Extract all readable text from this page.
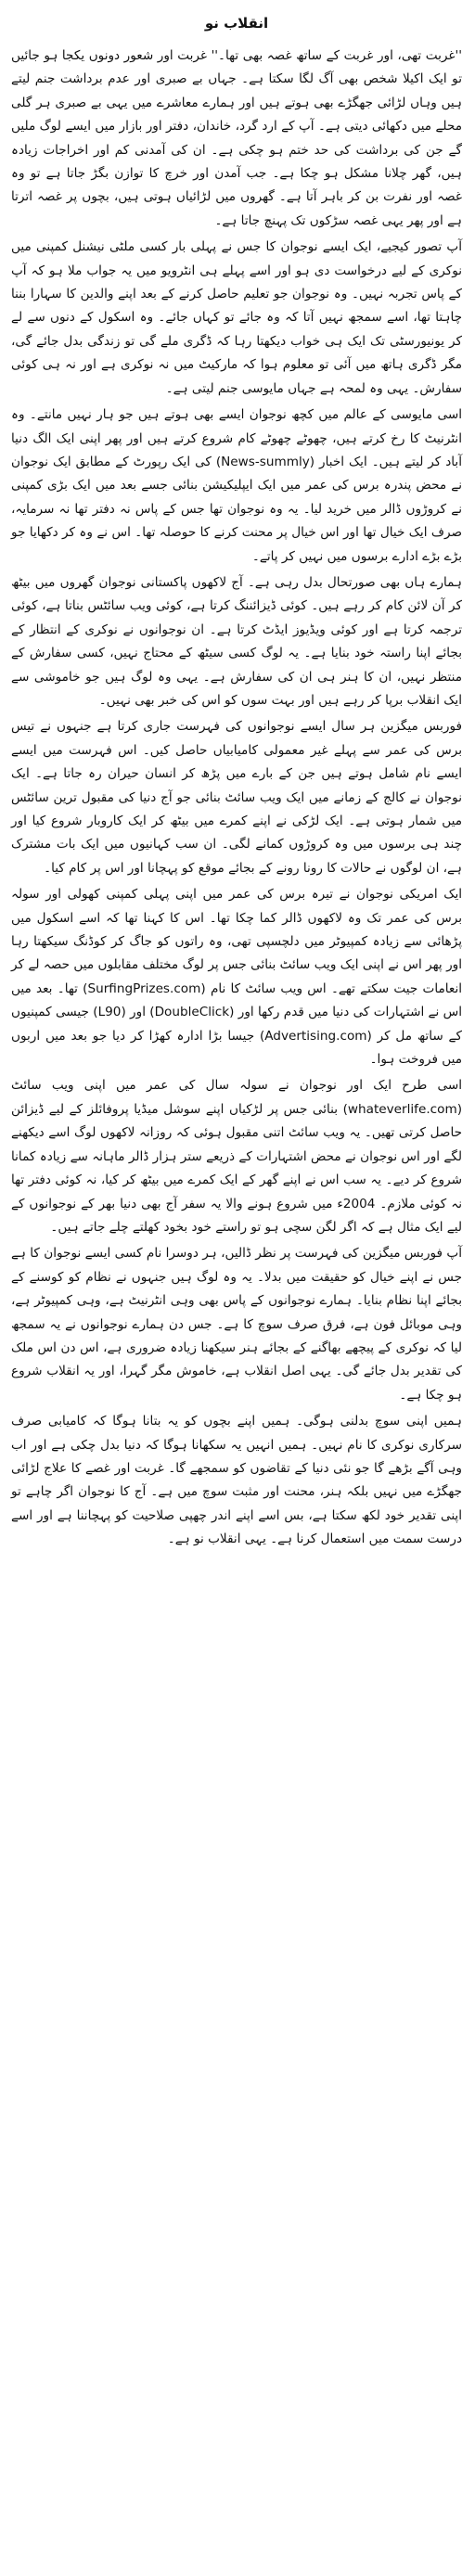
انقلاب نو

''غربت تھی، اور غربت کے ساتھ غصہ بھی تھا۔'' غربت اور شعور دونوں یکجا ہو جائیں تو ایک اکیلا شخص بھی آگ لگا سکتا ہے۔ جہاں بے صبری اور عدم برداشت جنم لیتے ہیں وہاں لڑائی جھگڑے بھی ہوتے ہیں اور ہمارے معاشرے میں یہی بے صبری ہر گلی محلے میں دکھائی دیتی ہے۔ آپ کے ارد گرد، خاندان، دفتر اور بازار میں ایسے لوگ ملیں گے جن کی برداشت کی حد ختم ہو چکی ہے۔ ان کی آمدنی کم اور اخراجات زیادہ ہیں، گھر چلانا مشکل ہو چکا ہے۔ جب آمدن اور خرچ کا توازن بگڑ جاتا ہے تو وہ غصہ اور نفرت بن کر باہر آتا ہے۔ گھروں میں لڑائیاں ہوتی ہیں، بچوں پر غصہ اترتا ہے اور پھر یہی غصہ سڑکوں تک پہنچ جاتا ہے۔

آپ تصور کیجیے، ایک ایسے نوجوان کا جس نے پہلی بار کسی ملٹی نیشنل کمپنی میں نوکری کے لیے درخواست دی ہو اور اسے پہلے ہی انٹرویو میں یہ جواب ملا ہو کہ آپ کے پاس تجربہ نہیں۔ وہ نوجوان جو تعلیم حاصل کرنے کے بعد اپنے والدین کا سہارا بننا چاہتا تھا، اسے سمجھ نہیں آتا کہ وہ جائے تو کہاں جائے۔ وہ اسکول کے دنوں سے لے کر یونیورسٹی تک ایک ہی خواب دیکھتا رہا کہ ڈگری ملے گی تو زندگی بدل جائے گی، مگر ڈگری ہاتھ میں آئی تو معلوم ہوا کہ مارکیٹ میں نہ نوکری ہے اور نہ ہی کوئی سفارش۔ یہی وہ لمحہ ہے جہاں مایوسی جنم لیتی ہے۔

اسی مایوسی کے عالم میں کچھ نوجوان ایسے بھی ہوتے ہیں جو ہار نہیں مانتے۔ وہ انٹرنیٹ کا رخ کرتے ہیں، چھوٹے چھوٹے کام شروع کرتے ہیں اور پھر اپنی ایک الگ دنیا آباد کر لیتے ہیں۔ ایک اخبار (News-summly) کی ایک رپورٹ کے مطابق ایک نوجوان نے محض پندرہ برس کی عمر میں ایک ایپلیکیشن بنائی جسے بعد میں ایک بڑی کمپنی نے کروڑوں ڈالر میں خرید لیا۔ یہ وہ نوجوان تھا جس کے پاس نہ دفتر تھا نہ سرمایہ، صرف ایک خیال تھا اور اس خیال پر محنت کرنے کا حوصلہ تھا۔ اس نے وہ کر دکھایا جو بڑے بڑے ادارے برسوں میں نہیں کر پاتے۔

ہمارے ہاں بھی صورتحال بدل رہی ہے۔ آج لاکھوں پاکستانی نوجوان گھروں میں بیٹھ کر آن لائن کام کر رہے ہیں۔ کوئی ڈیزائننگ کرتا ہے، کوئی ویب سائٹس بناتا ہے، کوئی ترجمہ کرتا ہے اور کوئی ویڈیوز ایڈٹ کرتا ہے۔ ان نوجوانوں نے نوکری کے انتظار کے بجائے اپنا راستہ خود بنایا ہے۔ یہ لوگ کسی سیٹھ کے محتاج نہیں، کسی سفارش کے منتظر نہیں، ان کا ہنر ہی ان کی سفارش ہے۔ یہی وہ لوگ ہیں جو خاموشی سے ایک انقلاب برپا کر رہے ہیں اور بہت سوں کو اس کی خبر بھی نہیں۔

فوربس میگزین ہر سال ایسے نوجوانوں کی فہرست جاری کرتا ہے جنہوں نے تیس برس کی عمر سے پہلے غیر معمولی کامیابیاں حاصل کیں۔ اس فہرست میں ایسے ایسے نام شامل ہوتے ہیں جن کے بارے میں پڑھ کر انسان حیران رہ جاتا ہے۔ ایک نوجوان نے کالج کے زمانے میں ایک ویب سائٹ بنائی جو آج دنیا کی مقبول ترین سائٹس میں شمار ہوتی ہے۔ ایک لڑکی نے اپنے کمرے میں بیٹھ کر ایک کاروبار شروع کیا اور چند ہی برسوں میں وہ کروڑوں کمانے لگی۔ ان سب کہانیوں میں ایک بات مشترک ہے، ان لوگوں نے حالات کا رونا رونے کے بجائے موقع کو پہچانا اور اس پر کام کیا۔

ایک امریکی نوجوان نے تیرہ برس کی عمر میں اپنی پہلی کمپنی کھولی اور سولہ برس کی عمر تک وہ لاکھوں ڈالر کما چکا تھا۔ اس کا کہنا تھا کہ اسے اسکول میں پڑھائی سے زیادہ کمپیوٹر میں دلچسپی تھی، وہ راتوں کو جاگ کر کوڈنگ سیکھتا رہا اور پھر اس نے اپنی ایک ویب سائٹ بنائی جس پر لوگ مختلف مقابلوں میں حصہ لے کر انعامات جیت سکتے تھے۔ اس ویب سائٹ کا نام (SurfingPrizes.com) تھا۔ بعد میں اس نے اشتہارات کی دنیا میں قدم رکھا اور (DoubleClick) اور (L90) جیسی کمپنیوں کے ساتھ مل کر (Advertising.com) جیسا بڑا ادارہ کھڑا کر دیا جو بعد میں اربوں میں فروخت ہوا۔

اسی طرح ایک اور نوجوان نے سولہ سال کی عمر میں اپنی ویب سائٹ (whateverlife.com) بنائی جس پر لڑکیاں اپنے سوشل میڈیا پروفائلز کے لیے ڈیزائن حاصل کرتی تھیں۔ یہ ویب سائٹ اتنی مقبول ہوئی کہ روزانہ لاکھوں لوگ اسے دیکھنے لگے اور اس نوجوان نے محض اشتہارات کے ذریعے ستر ہزار ڈالر ماہانہ سے زیادہ کمانا شروع کر دیے۔ یہ سب اس نے اپنے گھر کے ایک کمرے میں بیٹھ کر کیا، نہ کوئی دفتر تھا نہ کوئی ملازم۔ 2004ء میں شروع ہونے والا یہ سفر آج بھی دنیا بھر کے نوجوانوں کے لیے ایک مثال ہے کہ اگر لگن سچی ہو تو راستے خود بخود کھلتے چلے جاتے ہیں۔

آپ فوربس میگزین کی فہرست پر نظر ڈالیں، ہر دوسرا نام کسی ایسے نوجوان کا ہے جس نے اپنے خیال کو حقیقت میں بدلا۔ یہ وہ لوگ ہیں جنہوں نے نظام کو کوسنے کے بجائے اپنا نظام بنایا۔ ہمارے نوجوانوں کے پاس بھی وہی انٹرنیٹ ہے، وہی کمپیوٹر ہے، وہی موبائل فون ہے، فرق صرف سوچ کا ہے۔ جس دن ہمارے نوجوانوں نے یہ سمجھ لیا کہ نوکری کے پیچھے بھاگنے کے بجائے ہنر سیکھنا زیادہ ضروری ہے، اس دن اس ملک کی تقدیر بدل جائے گی۔ یہی اصل انقلاب ہے، خاموش مگر گہرا، اور یہ انقلاب شروع ہو چکا ہے۔

ہمیں اپنی سوچ بدلنی ہوگی۔ ہمیں اپنے بچوں کو یہ بتانا ہوگا کہ کامیابی صرف سرکاری نوکری کا نام نہیں۔ ہمیں انہیں یہ سکھانا ہوگا کہ دنیا بدل چکی ہے اور اب وہی آگے بڑھے گا جو نئی دنیا کے تقاضوں کو سمجھے گا۔ غربت اور غصے کا علاج لڑائی جھگڑے میں نہیں بلکہ ہنر، محنت اور مثبت سوچ میں ہے۔ آج کا نوجوان اگر چاہے تو اپنی تقدیر خود لکھ سکتا ہے، بس اسے اپنے اندر چھپی صلاحیت کو پہچاننا ہے اور اسے درست سمت میں استعمال کرنا ہے۔ یہی انقلاب نو ہے۔
